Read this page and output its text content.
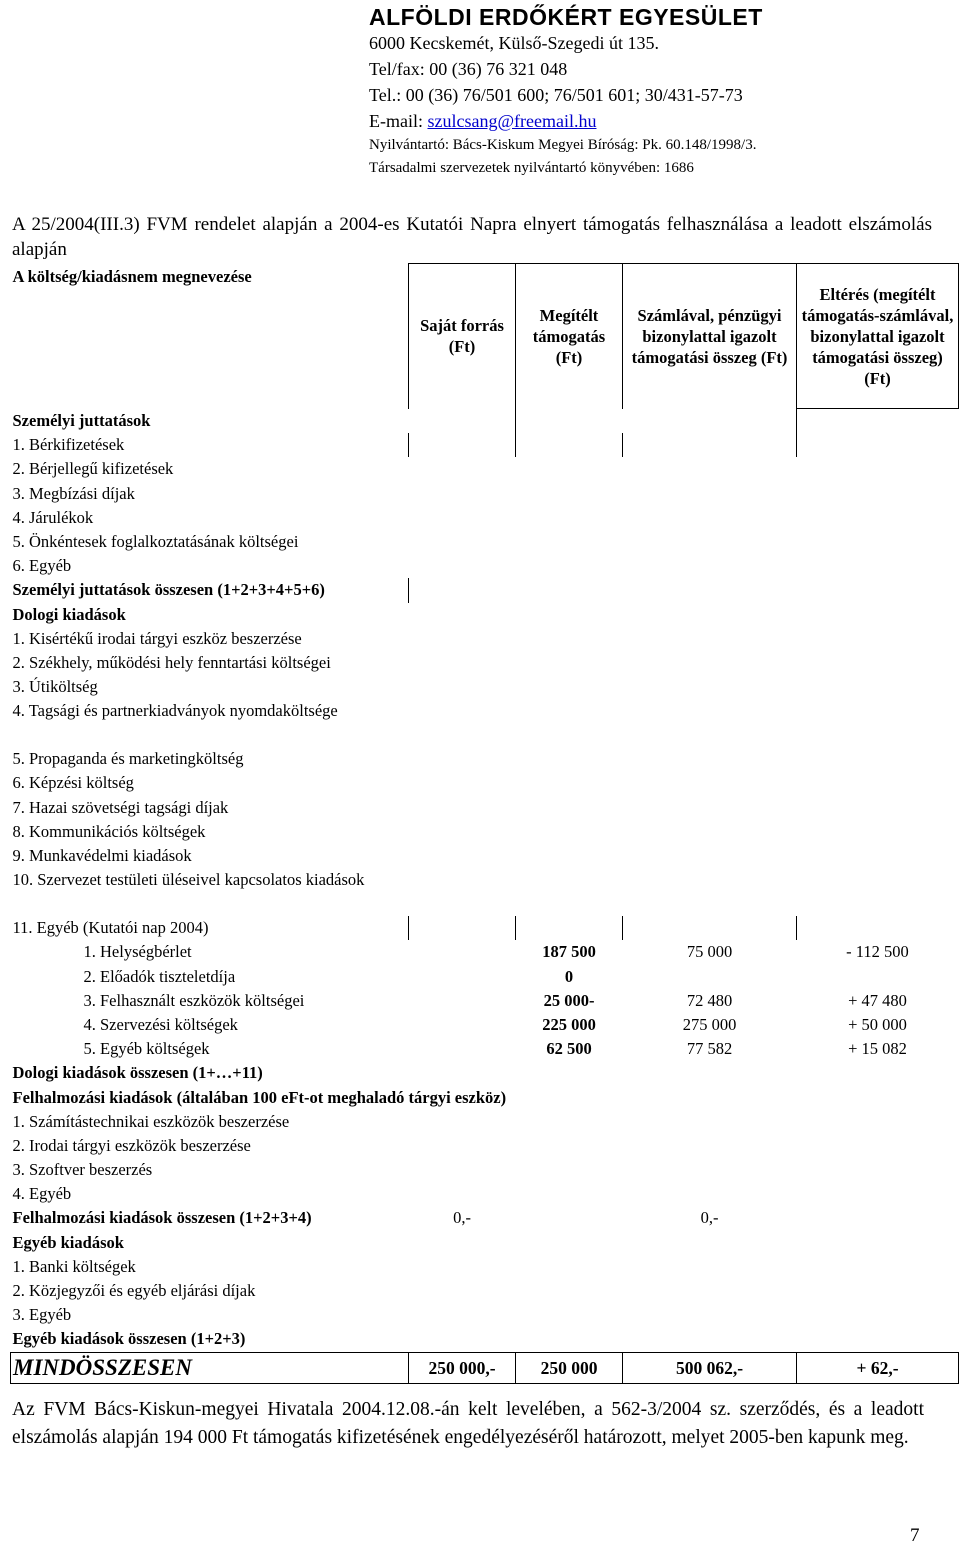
ALFÖLDI ERDŐKÉRT EGYESÜLET
6000 Kecskemét, Külső-Szegedi út 135.
Tel/fax: 00 (36) 76 321 048
Tel.: 00 (36) 76/501 600; 76/501 601; 30/431-57-73
E-mail: szulcsang@freemail.hu
Nyilvántartó: Bács-Kiskum Megyei Bíróság: Pk. 60.148/1998/3.
Társadalmi szervezetek nyilvántartó könyvében: 1686
A 25/2004(III.3) FVM rendelet alapján a 2004-es Kutatói Napra elnyert támogatás felhasználása a leadott elszámolás alapján
A költség/kiadásnem megnevezése	Saját forrás (Ft)	Megítélt támogatás (Ft)	Számlával, pénzügyi bizonylattal igazolt támogatási összeg (Ft)	Eltérés (megítélt támogatás-számlával, bizonylattal igazolt támogatási összeg) (Ft)
Személyi juttatások				
1. Bérkifizetések				
2. Bérjellegű kifizetések				
3. Megbízási díjak				
4. Járulékok				
5. Önkéntesek foglalkoztatásának költségei				
6. Egyéb				
Személyi juttatások összesen (1+2+3+4+5+6)				
Dologi kiadások				
1. Kisértékű irodai tárgyi eszköz beszerzése				
2. Székhely, működési hely fenntartási költségei				
3. Útiköltség				
4. Tagsági és partnerkiadványok nyomdaköltsége				
5. Propaganda és marketingköltség				
6. Képzési költség				
7. Hazai szövetségi tagsági díjak				
8. Kommunikációs költségek				
9. Munkavédelmi kiadások				
10. Szervezet testületi üléseivel kapcsolatos kiadások				
11. Egyéb (Kutatói nap 2004)				
1. Helységbérlet		187 500	75 000	- 112 500
2. Előadók tiszteletdíja		0		
3. Felhasznált eszközök költségei		25 000-	72 480	+ 47 480
4. Szervezési költségek		225 000	275 000	+ 50 000
5. Egyéb költségek		62 500	77 582	+ 15 082
Dologi kiadások összesen (1+…+11)				
Felhalmozási kiadások (általában 100 eFt-ot meghaladó tárgyi eszköz)				
1. Számítástechnikai eszközök beszerzése				
2. Irodai tárgyi eszközök beszerzése				
3. Szoftver beszerzés				
4. Egyéb				
Felhalmozási kiadások összesen (1+2+3+4)	0,-		0,-	
Egyéb kiadások				
1. Banki költségek				
2. Közjegyzői és egyéb eljárási díjak				
3. Egyéb				
Egyéb kiadások összesen (1+2+3)				
MINDÖSSZESEN	250 000,-	250 000	500 062,-	+ 62,-
Az FVM Bács-Kiskun-megyei Hivatala 2004.12.08.-án kelt levelében, a 562-3/2004 sz. szerződés, és a leadott elszámolás alapján 194 000 Ft támogatás kifizetésének engedélyezéséről határozott, melyet 2005-ben kapunk meg.
7
